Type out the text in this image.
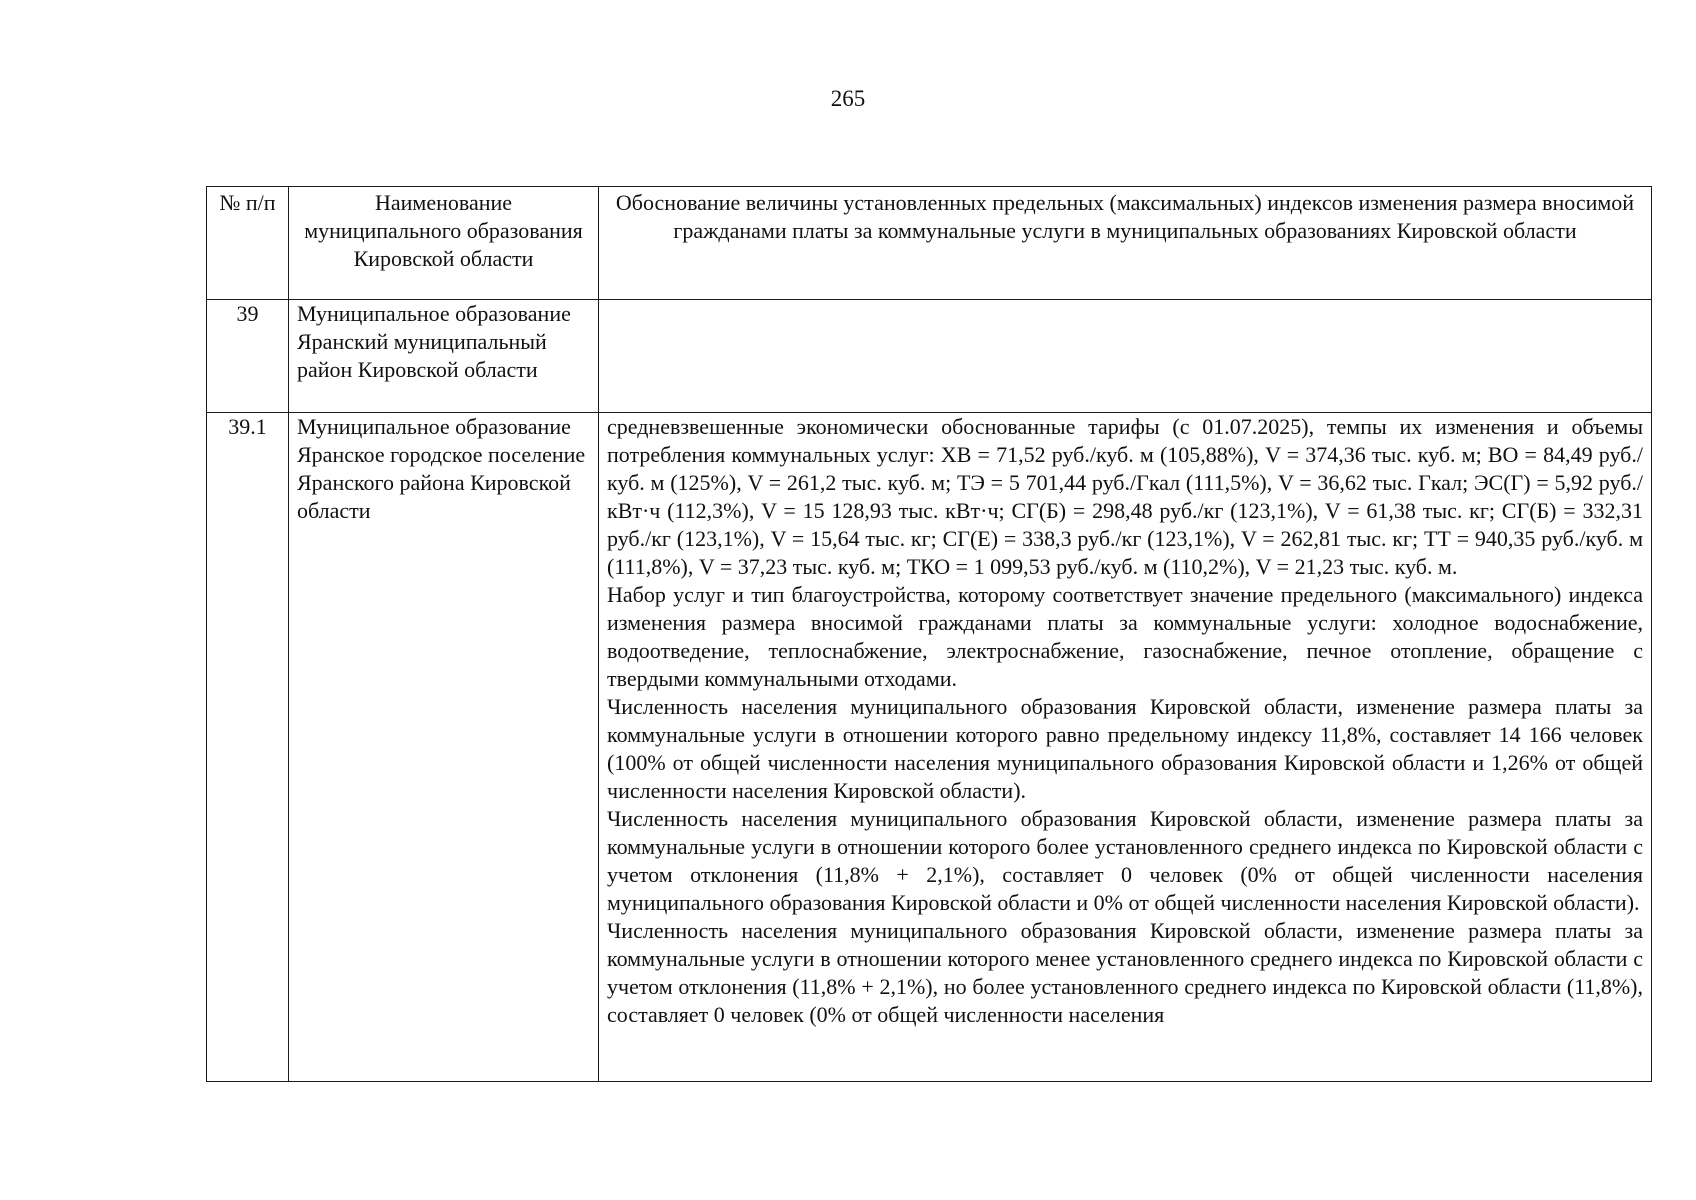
265
№ п/п	Наименование муниципального образования Кировской области	Обоснование величины установленных предельных (максимальных) индексов изменения размера вносимой гражданами платы за коммунальные услуги в муниципальных образованиях Кировской области
39	Муниципальное образование Яранский муниципальный район Кировской области	
39.1	Муниципальное образование Яранское городское поселение Яранского района Кировской области	средневзвешенные экономически обоснованные тарифы (с 01.07.2025), темпы их изменения и объемы потребления коммунальных услуг: ХВ = 71,52 руб./куб. м (105,88%), V = 374,36 тыс. куб. м; ВО = 84,49 руб./куб. м (125%), V = 261,2 тыс. куб. м; ТЭ = 5 701,44 руб./Гкал (111,5%), V = 36,62 тыс. Гкал; ЭС(Г) = 5,92 руб./кВт·ч (112,3%), V = 15 128,93 тыс. кВт·ч; СГ(Б) = 298,48 руб./кг (123,1%), V = 61,38 тыс. кг; СГ(Б) = 332,31 руб./кг (123,1%), V = 15,64 тыс. кг; СГ(Е) = 338,3 руб./кг (123,1%), V = 262,81 тыс. кг; ТТ = 940,35 руб./куб. м (111,8%), V = 37,23 тыс. куб. м; ТКО = 1 099,53 руб./куб. м (110,2%), V = 21,23 тыс. куб. м.

Набор услуг и тип благоустройства, которому соответствует значение предельного (максимального) индекса изменения размера вносимой гражданами платы за коммунальные услуги: холодное водоснабжение, водоотведение, теплоснабжение, электроснабжение, газоснабжение, печное отопление, обращение с твердыми коммунальными отходами.

Численность населения муниципального образования Кировской области, изменение размера платы за коммунальные услуги в отношении которого равно предельному индексу 11,8%, составляет 14 166 человек (100% от общей численности населения муниципального образования Кировской области и 1,26% от общей численности населения Кировской области).

Численность населения муниципального образования Кировской области, изменение размера платы за коммунальные услуги в отношении которого более установленного среднего индекса по Кировской области с учетом отклонения (11,8% + 2,1%), составляет 0 человек (0% от общей численности населения муниципального образования Кировской области и 0% от общей численности населения Кировской области).

Численность населения муниципального образования Кировской области, изменение размера платы за коммунальные услуги в отношении которого менее установленного среднего индекса по Кировской области с учетом отклонения (11,8% + 2,1%), но более установленного среднего индекса по Кировской области (11,8%), составляет 0 человек (0% от общей численности населения
